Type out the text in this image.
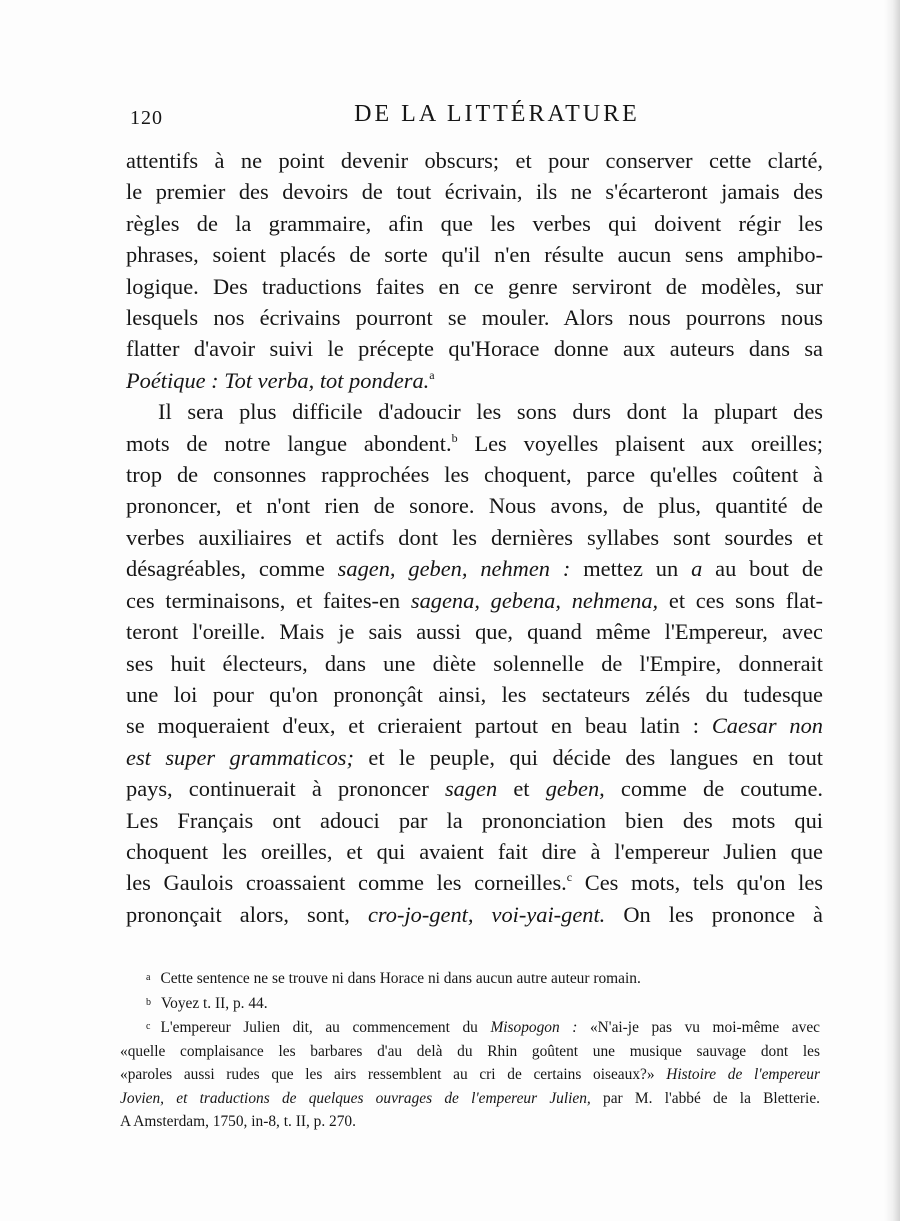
120	DE LA LITTÉRATURE

attentifs à ne point devenir obscurs; et pour conserver cette clarté,
le premier des devoirs de tout écrivain, ils ne s'écarteront jamais des
règles de la grammaire, afin que les verbes qui doivent régir les
phrases, soient placés de sorte qu'il n'en résulte aucun sens amphibo-
logique. Des traductions faites en ce genre serviront de modèles, sur
lesquels nos écrivains pourront se mouler. Alors nous pourrons nous
flatter d'avoir suivi le précepte qu'Horace donne aux auteurs dans sa
Poétique : Tot verba, tot pondera.$^a$

Il sera plus difficile d'adoucir les sons durs dont la plupart des
mots de notre langue abondent.$^b$ Les voyelles plaisent aux oreilles;
trop de consonnes rapprochées les choquent, parce qu'elles coûtent à
prononcer, et n'ont rien de sonore. Nous avons, de plus, quantité de
verbes auxiliaires et actifs dont les dernières syllabes sont sourdes et
désagréables, comme sagen, geben, nehmen : mettez un a au bout de
ces terminaisons, et faites-en sagena, gebena, nehmena, et ces sons flat-
teront l'oreille. Mais je sais aussi que, quand même l'Empereur, avec
ses huit électeurs, dans une diète solennelle de l'Empire, donnerait
une loi pour qu'on prononçât ainsi, les sectateurs zélés du tudesque
se moqueraient d'eux, et crieraient partout en beau latin : Caesar non
est super grammaticos; et le peuple, qui décide des langues en tout
pays, continuerait à prononcer sagen et geben, comme de coutume.
Les Français ont adouci par la prononciation bien des mots qui
choquent les oreilles, et qui avaient fait dire à l'empereur Julien que
les Gaulois croassaient comme les corneilles.$^c$ Ces mots, tels qu'on les
prononçait alors, sont, cro-jo-gent, voi-yai-gent. On les prononce à

a Cette sentence ne se trouve ni dans Horace ni dans aucun autre auteur romain.
b Voyez t. II, p. 44.
c L'empereur Julien dit, au commencement du Misopogon : «N'ai-je pas vu moi-même avec
«quelle complaisance les barbares d'au delà du Rhin goûtent une musique sauvage dont les
«paroles aussi rudes que les airs ressemblent au cri de certains oiseaux?» Histoire de l'empereur
Jovien, et traductions de quelques ouvrages de l'empereur Julien, par M. l'abbé de la Bletterie.
A Amsterdam, 1750, in-8, t. II, p. 270.
